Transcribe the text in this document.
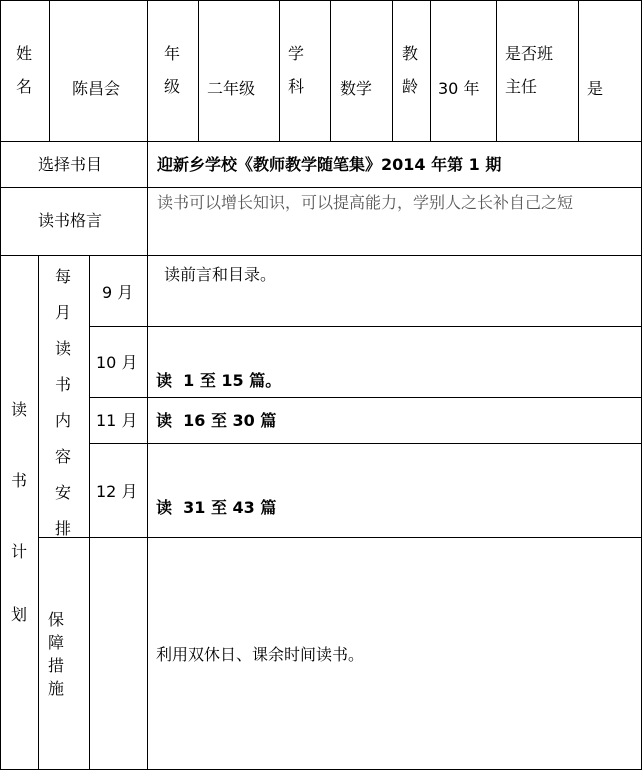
姓
名 陈昌会
年
级 二年级
学
科 数学
教
龄 30 年
是否班
主任	是
选择书目	迎新乡学校《教师教学随笔集》2014 年第 1 期
读书格言
读书可以增长知识，可以提高能力，学别人之长补自己之短
读
书
计
划
每
月
读
书
内
容
安
排
9 月
读前言和目录。
10 月
读  1 至 15 篇。
11 月 读  16 至 30 篇
12 月
读  31 至 43 篇
保
障
措
施
利用双休日、课余时间读书。
